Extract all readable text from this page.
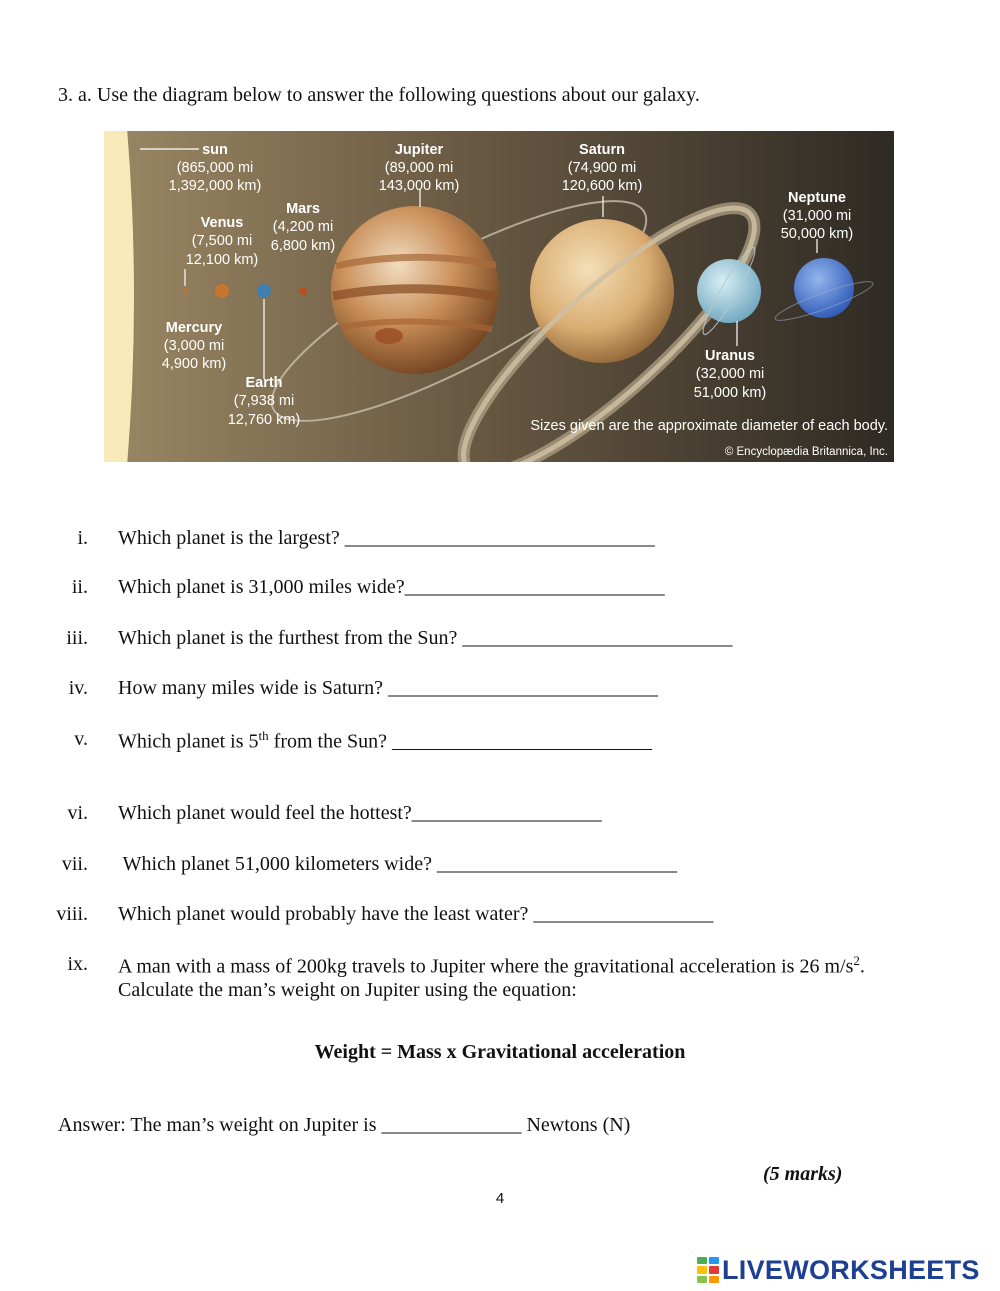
3. a. Use the diagram below to answer the following questions about our galaxy.
sun
(865,000 mi
1,392,000 km)
Jupiter
(89,000 mi
143,000 km)
Saturn
(74,900 mi
120,600 km)
Neptune
(31,000 mi
50,000 km)
Venus
(7,500 mi
12,100 km)
Mars
(4,200 mi
6,800 km)
Mercury
(3,000 mi
4,900 km)
Earth
(7,938 mi
12,760 km)
Uranus
(32,000 mi
51,000 km)
Sizes given are the approximate diameter of each body.
© Encyclopædia Britannica, Inc.
i. Which planet is the largest? _______________________________
ii. Which planet is 31,000 miles wide?__________________________
iii. Which planet is the furthest from the Sun? ___________________________
iv. How many miles wide is Saturn? ___________________________
v. Which planet is 5th from the Sun? __________________________
vi. Which planet would feel the hottest?___________________
vii. Which planet 51,000 kilometers wide? ________________________
viii. Which planet would probably have the least water? __________________
ix. A man with a mass of 200kg travels to Jupiter where the gravitational acceleration is 26 $m/s^2$.
Calculate the man’s weight on Jupiter using the equation:
Weight = Mass x Gravitational acceleration
Answer: The man’s weight on Jupiter is ______________ Newtons (N)
(5 marks)
4
LIVEWORKSHEETS
